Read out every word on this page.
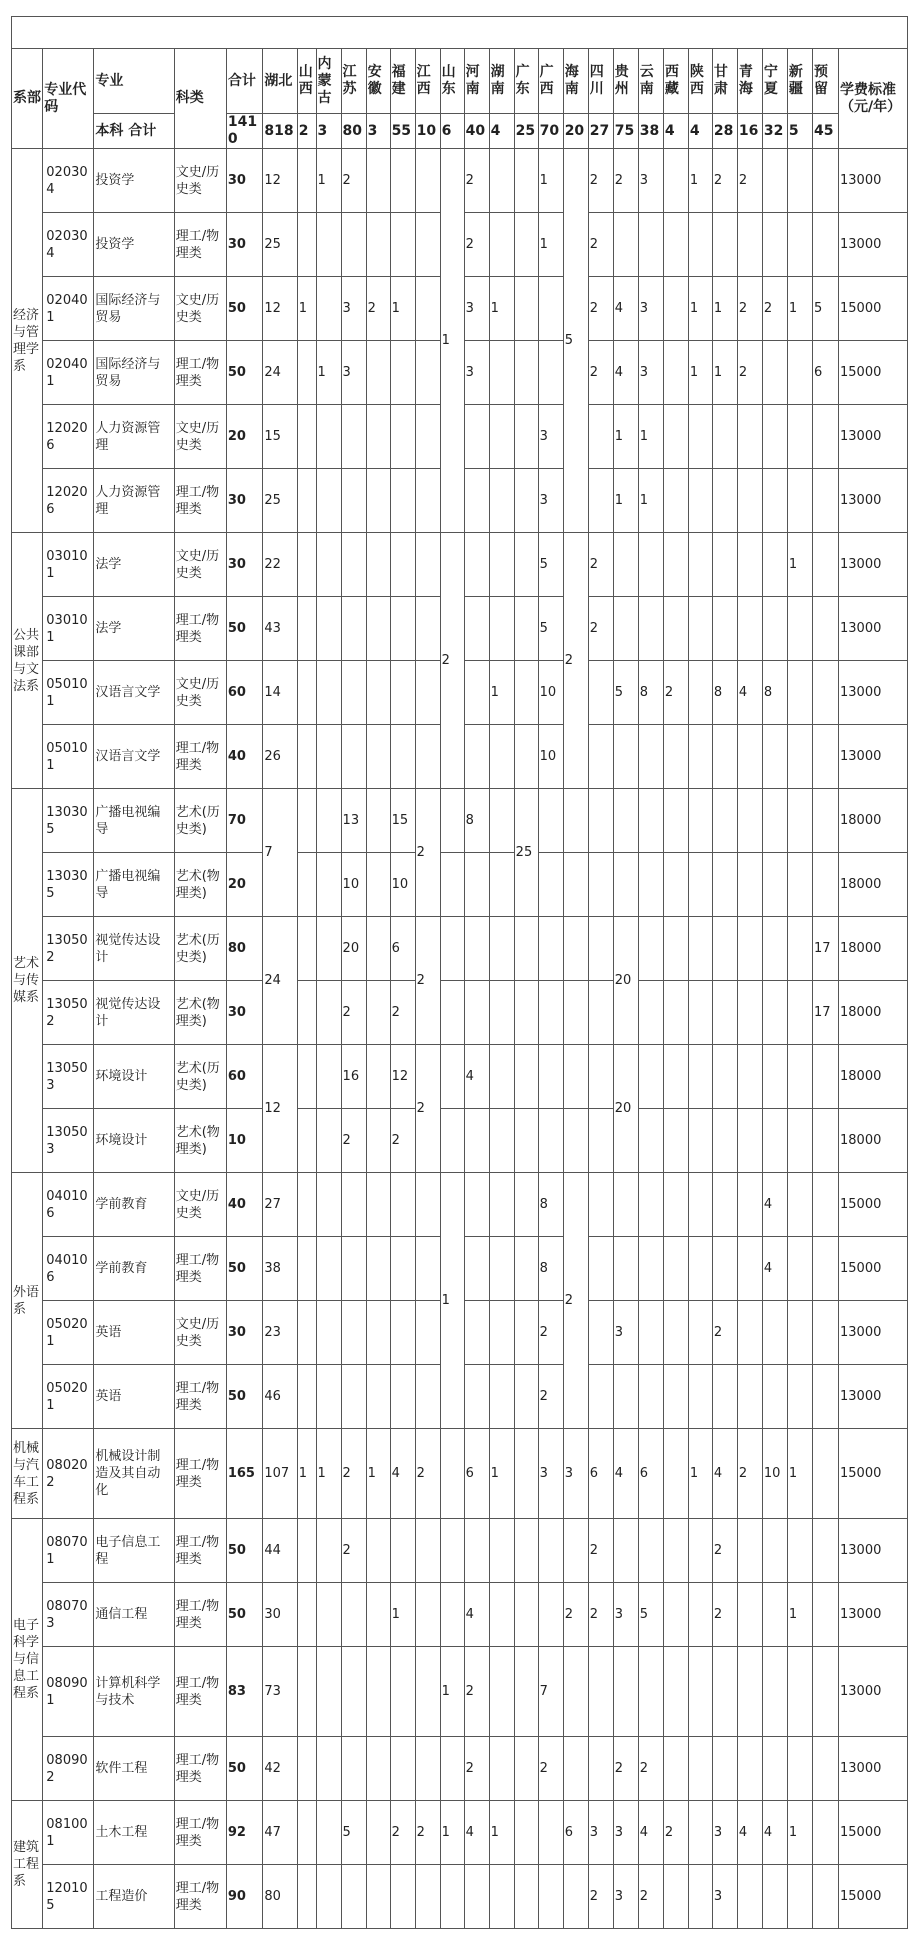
系部	专业代码	专业	科类	合计	湖北	山西	内蒙古	江苏	安徽	福建	江西	山东	河南	湖南	广东	广西	海南	四川	贵州	云南	西藏	陕西	甘肃	青海	宁夏	新疆	预留	学费标准（元/年）
		本科 合计		1410	818	2	3	80	3	55	10	6	40	4	25	70	20	27	75	38	4	4	28	16	32	5	45	
经济与管理学系	020304	投资学	文史/历史类	30	12		1	2				1	2			1	5	2	2	3		1	2	2				13000
	020304	投资学	理工/物理类	30	25								2			1		2										13000
	020401	国际经济与贸易	文史/历史类	50	12	1		3	2	1			3	1				2	4	3		1	1	2	2	1	5	15000
	020401	国际经济与贸易	理工/物理类	50	24		1	3					3					2	4	3		1	1	2			6	15000
	120206	人力资源管理	文史/历史类	20	15											3			1	1								13000
	120206	人力资源管理	理工/物理类	30	25											3			1	1								13000
公共课部与文法系	030101	法学	文史/历史类	30	22							2				5	2	2								1		13000
	030101	法学	理工/物理类	50	43											5		2										13000
	050101	汉语言文学	文史/历史类	60	14									1		10			5	8	2		8	4	8			13000
	050101	汉语言文学	理工/物理类	40	26											10												13000
艺术与传媒系	130305	广播电视编导	艺术(历史类)	70	7			13		15	2		8		25													18000
	130305	广播电视编导	艺术(物理类)	20				10		10																		18000
	130502	视觉传达设计	艺术(历史类)	80	24			20		6	2								20								17	18000
	130502	视觉传达设计	艺术(物理类)	30				2		2																	17	18000
	130503	环境设计	艺术(历史类)	60	12			16		12	2		4						20									18000
	130503	环境设计	艺术(物理类)	10				2		2																		18000
外语系	040106	学前教育	文史/历史类	40	27							1				8	2								4			15000
	040106	学前教育	理工/物理类	50	38											8									4			15000
	050201	英语	文史/历史类	30	23											2			3				2					13000
	050201	英语	理工/物理类	50	46											2												13000
机械与汽车工程系	080202	机械设计制造及其自动化	理工/物理类	165	107	1	1	2	1	4	2		6	1		3	3	6	4	6		1	4	2	10	1		15000
电子科学与信息工程系	080701	电子信息工程	理工/物理类	50	44			2										2					2					13000
	080703	通信工程	理工/物理类	50	30					1			4				2	2	3	5			2			1		13000
	080901	计算机科学与技术	理工/物理类	83	73							1	2			7												13000
	080902	软件工程	理工/物理类	50	42								2			2			2	2								13000
建筑工程系	081001	土木工程	理工/物理类	92	47			5		2	2	1	4	1			6	3	3	4	2		3	4	4	1		15000
	120105	工程造价	理工/物理类	90	80													2	3	2			3					15000
